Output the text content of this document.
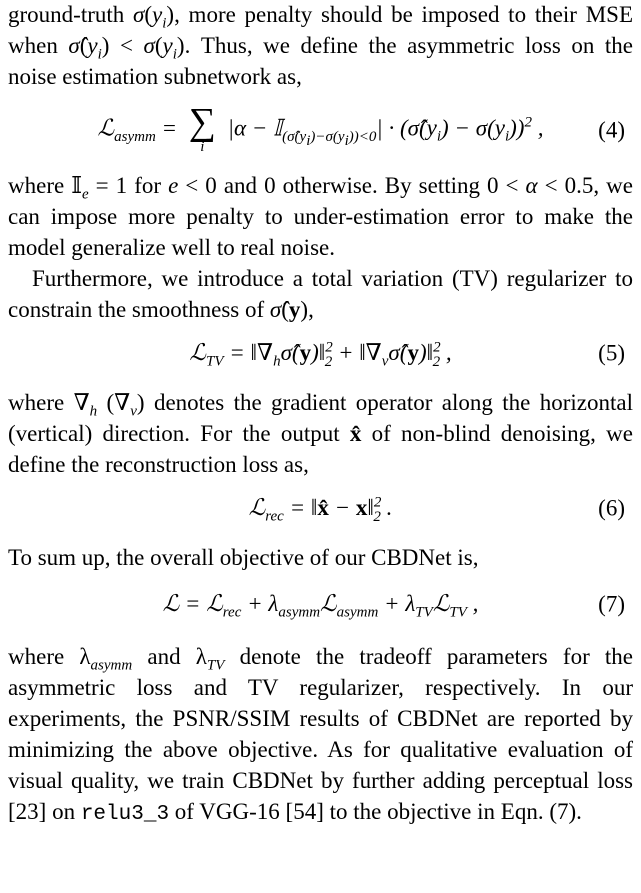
ground-truth $\sigma(y_i)$, more penalty should be imposed to their MSE when $\sigmâ(y_i) < \sigma(y_i)$. Thus, we define the asymmetric loss on the noise estimation subnetwork as,

ℒ$_{asymm}$ = ∑
i
|α − 𝕀$_{(\sigmâ(y_i)-\sigma(y_i))<0}$| · $(\sigmâ(y_i) - \sigma(y_i))^2$ , (4)

where 𝕀$_e$ = 1 for e < 0 and 0 otherwise. By setting 0 < α < 0.5, we can impose more penalty to under-estimation error to make the model generalize well to real noise.

Furthermore, we introduce a total variation (TV) regularizer to constrain the smoothness of σ̂(y),

ℒ$_{TV}$ = $‖\nabla_h\sigmâ(y)‖^2_2$ + $‖\nabla_v\sigmâ(y)‖^2_2$ ,	(5)

where $\nabla_h$ $(\nabla_v)$ denotes the gradient operator along the horizontal (vertical) direction. For the output x̂ of non-blind denoising, we define the reconstruction loss as,

ℒ$_{rec}$ = ‖x̂ − x‖$^2_2$ .	(6)

To sum up, the overall objective of our CBDNet is,

ℒ = ℒ$_{rec}$ + $\lambda_{asymm}ℒ_{asymm}$ + $\lambda_{TV}ℒ_{TV}$ ,	(7)

where $\lambda_{asymm}$ and $\lambda_{TV}$ denote the tradeoff parameters for the asymmetric loss and TV regularizer, respectively. In our experiments, the PSNR/SSIM results of CBDNet are reported by minimizing the above objective. As for qualitative evaluation of visual quality, we train CBDNet by further adding perceptual loss [23] on relu3_3 of VGG-16 [54] to the objective in Eqn. (7).
